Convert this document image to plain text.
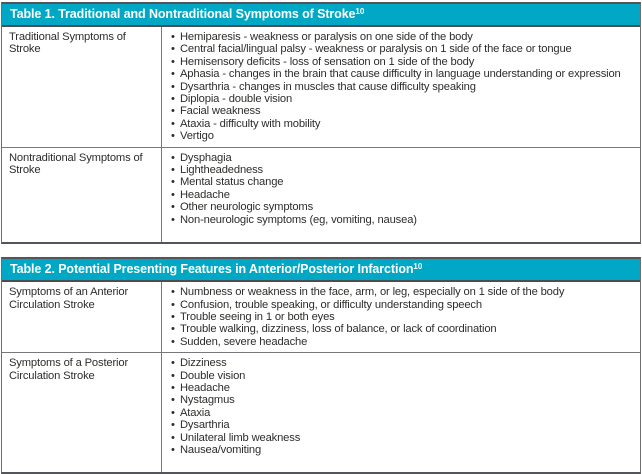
Table 1. Traditional and Nontraditional Symptoms of Stroke$^{10}$
Traditional Symptoms of Stroke
• Hemiparesis - weakness or paralysis on one side of the body
• Central facial/lingual palsy - weakness or paralysis on 1 side of the face or tongue
• Hemisensory deficits - loss of sensation on 1 side of the body
• Aphasia - changes in the brain that cause difficulty in language understanding or expression
• Dysarthria - changes in muscles that cause difficulty speaking
• Diplopia - double vision
• Facial weakness
• Ataxia - difficulty with mobility
• Vertigo
Nontraditional Symptoms of Stroke
• Dysphagia
• Lightheadedness
• Mental status change
• Headache
• Other neurologic symptoms
• Non-neurologic symptoms (eg, vomiting, nausea)
Table 2. Potential Presenting Features in Anterior/Posterior Infarction$^{10}$
Symptoms of an Anterior Circulation Stroke
• Numbness or weakness in the face, arm, or leg, especially on 1 side of the body
• Confusion, trouble speaking, or difficulty understanding speech
• Trouble seeing in 1 or both eyes
• Trouble walking, dizziness, loss of balance, or lack of coordination
• Sudden, severe headache
Symptoms of a Posterior Circulation Stroke
• Dizziness
• Double vision
• Headache
• Nystagmus
• Ataxia
• Dysarthria
• Unilateral limb weakness
• Nausea/vomiting
